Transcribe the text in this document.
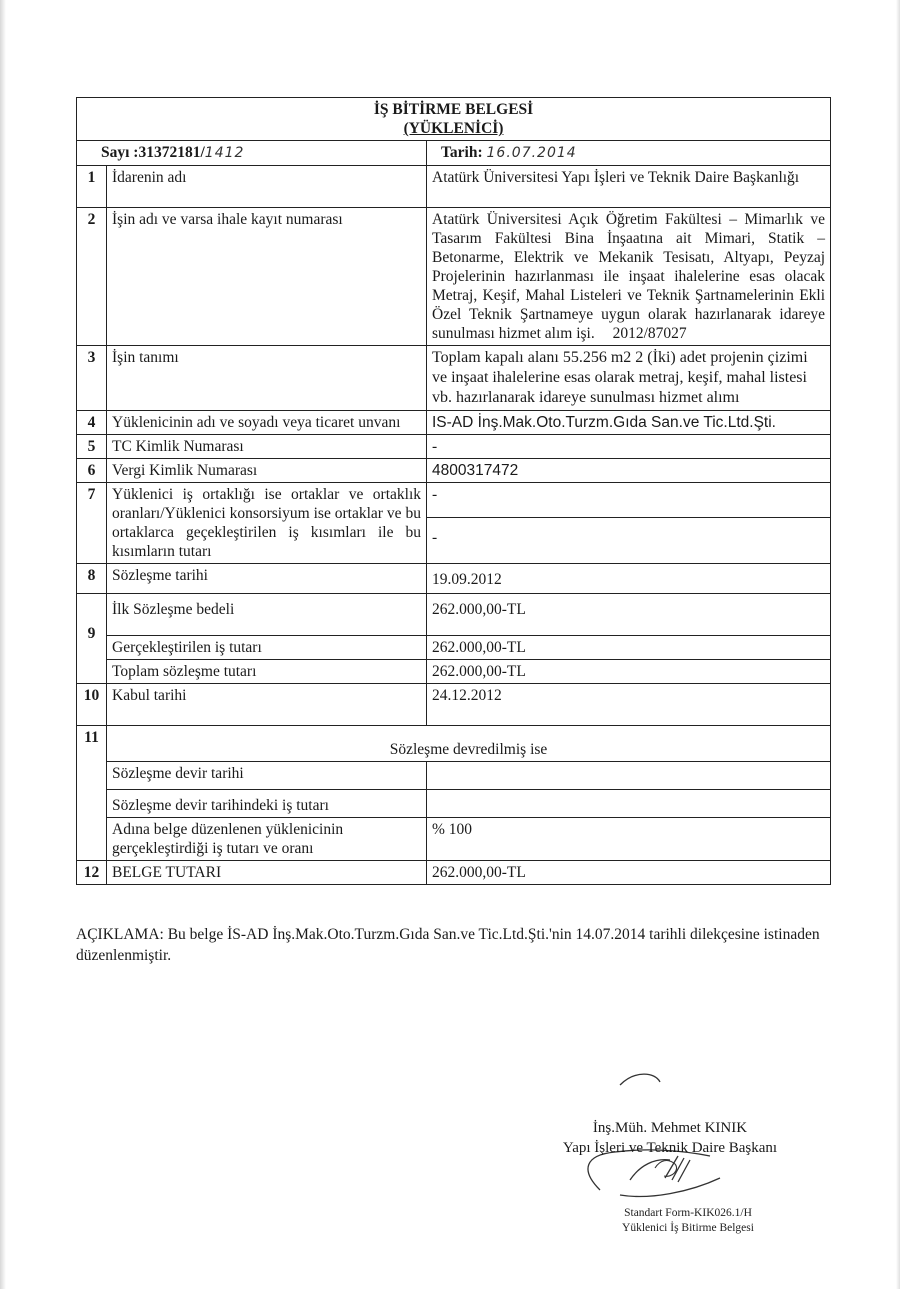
İŞ BİTİRME BELGESİ
(YÜKLENİCİ)		

Sayı :31372181/1412		Tarih: 16.07.2014
1	İdarenin adı	Atatürk Üniversitesi Yapı İşleri ve Teknik Daire Başkanlığı
2	İşin adı ve varsa ihale kayıt numarası	Atatürk Üniversitesi Açık Öğretim Fakültesi – Mimarlık ve Tasarım Fakültesi Bina İnşaatına ait Mimari, Statik – Betonarme, Elektrik ve Mekanik Tesisatı, Altyapı, Peyzaj Projelerinin hazırlanması ile inşaat ihalelerine esas olacak Metraj, Keşif, Mahal Listeleri ve Teknik Şartnamelerinin Ekli Özel Teknik Şartnameye uygun olarak hazırlanarak idareye sunulması hizmet alım işi. 2012/87027
3	İşin tanımı	Toplam kapalı alanı 55.256 m2 2 (İki) adet projenin çizimi ve inşaat ihalelerine esas olarak metraj, keşif, mahal listesi vb. hazırlanarak idareye sunulması hizmet alımı
4	Yüklenicinin adı ve soyadı veya ticaret unvanı	IS-AD İnş.Mak.Oto.Turzm.Gıda San.ve Tic.Ltd.Şti.
5	TC Kimlik Numarası	-
6	Vergi Kimlik Numarası	4800317472
7	Yüklenici iş ortaklığı ise ortaklar ve ortaklık oranları/Yüklenici konsorsiyum ise ortaklar ve bu ortaklarca geçekleştirilen iş kısımları ile bu kısımların tutarı	-
		-
8	Sözleşme tarihi	19.09.2012
9	İlk Sözleşme bedeli	262.000,00-TL
	Gerçekleştirilen iş tutarı	262.000,00-TL
	Toplam sözleşme tutarı	262.000,00-TL
10	Kabul tarihi	24.12.2012
11	Sözleşme devredilmiş ise	
	Sözleşme devir tarihi	
	Sözleşme devir tarihindeki iş tutarı	
	Adına belge düzenlenen yüklenicinin gerçekleştirdiği iş tutarı ve oranı	% 100
12	BELGE TUTARI	262.000,00-TL
AÇIKLAMA: Bu belge İS-AD İnş.Mak.Oto.Turzm.Gıda San.ve Tic.Ltd.Şti.'nin 14.07.2014 tarihli dilekçesine istinaden düzenlenmiştir.
İnş.Müh. Mehmet KINIK
Yapı İşleri ve Teknik Daire Başkanı
Standart Form-KIK026.1/H
Yüklenici İş Bitirme Belgesi
